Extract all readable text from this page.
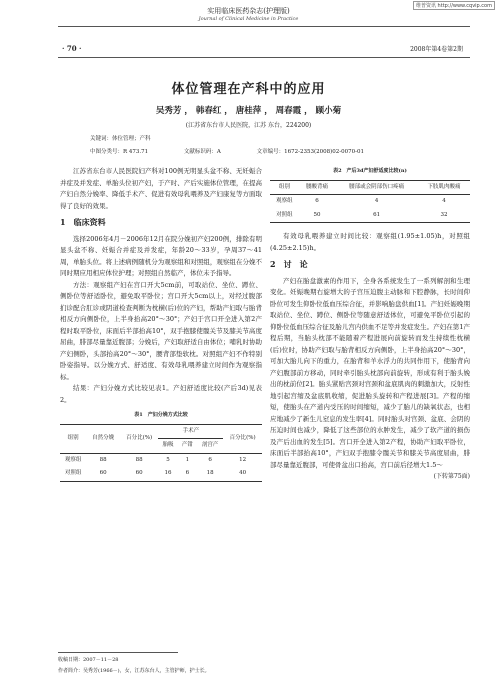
维普资讯 http://www.cqvip.com
实用临床医药杂志(护理版)
Journal of Clinical Medicine in Practice
· 70 ·	2008年第4卷第2期
体位管理在产科中的应用
吴秀芳 ， 韩春红 ， 唐桂萍 ， 周春霞 ， 顾小菊
(江苏省东台市人民医院，江苏 东台，224200)
关键词：体位管理；产科
中图分类号：R 473.71	文献标识码：A	文章编号：1672-2353(2008)02-0070-01

江苏省东台市人民医院妇产科对100例无明显头盆不称、无妊娠合并症及并发症、单胎头位初产妇，于产时、产后实施体位管理，在提高产妇自然分娩率、降低手术产、促进有效母乳喂养及产妇康复等方面取得了良好的效果。

1　临床资料

选择2006年4月－2006年12月在院分娩初产妇200例，排除有明显头盆不称、妊娠合并症及并发症，年龄20～33岁，孕周37～41周，单胎头位。将上述病例随机分为观察组和对照组，观察组在分娩不同时期应用相应体位护理；对照组自然临产，体位未予指导。

方法：观察组产妇在宫口开大5cm前，可取站位、坐位、蹲位、侧卧位等舒适卧位，避免取平卧位；宫口开大5cm以上，对经过腹部扪诊配合肛诊或阴道检查判断为枕横(后)位的产妇，帮助产妇取与胎背相反方向侧卧位，上半身抬高20°～30°；产妇于宫口开全进入第2产程时取平卧位，床面后半部抬高10°，双手抱膝使髋关节及膝关节高度屈曲，腓部尽量靠近腹部；分娩后，产妇取舒适自由体位；哺乳时协助产妇侧卧，头部抬高20°～30°，腰背部垫软枕。对照组产妇不作特别卧姿指导。以分娩方式、舒适度、有效母乳喂养建立时间作为观察指标。

结果：产妇分娩方式比较见表1。产妇舒适度比较(产后3d)见表2。

表1　产妇分娩方式比较
组别	自然分娩	百分比(%)	手术产			百分比(%)
			胎吸	产钳	剖宫产	
观察组	88	88	5	1	6	12
对照组	60	60	16	6	18	40
表2　产后3d产妇舒适度比较(n)
组别	腰酸背痛	腰部或会阴部伤口疼痛	下肢肌肉酸痛
观察组	6	4	4
对照组	50	61	32

有效母乳喂养建立时间比较：观察组(1.95±1.05)h，对照组(4.25±2.15)h。

2　讨　论

产妇在胎盘激素的作用下，全身各系统发生了一系列解剖和生理变化。妊娠晚期右旋增大的子宫压迫腹主动脉和下腔静脉，长时间仰卧位可发生仰卧位低血压综合征，并影响胎盘供血[1]。产妇妊娠晚期取站位、坐位、蹲位、侧卧位等随意舒适体位，可避免平卧位引起的仰卧位低血压综合征及胎儿宫内供血不足等并发症发生。产妇在第1产程后期，当胎头枕部不能随着产程进展向前旋转而发生持续性枕横(后)位时，协助产妇取与胎背相反方向侧卧，上半身抬高20°～30°，可加大胎儿向下的重力，在胎背和羊水浮力的共同作用下，使胎背向产妇腹部前方移动，同时牵引胎头枕部向前旋转，形成有利于胎头娩出的枕前位[2]。胎头紧贴宫颈对宫颈和盆底肌肉的刺激加大，反射性地引起宫缩及盆底肌收缩，促进胎头旋转和产程进展[3]。产程的缩短，使胎头在产道内受压的时间缩短，减少了胎儿的缺氧状态，也相应地减少了新生儿窒息的发生率[4]。同时胎头对宫颈、盆底、会阴的压迫时间也减少，降低了这些部位的水肿发生，减少了软产道的损伤及产后出血的发生[5]。宫口开全进入第2产程，协助产妇取平卧位，床面后半部抬高10°，产妇双手抱膝令髋关节和膝关节高度屈曲，腓部尽量靠近腹部，可使骨盆出口抬高，宫口前后径增大1.5～

(下转第75面)
收稿日期：2007－11－28
作者简介：吴秀芳(1966－)，女，江苏东台人，主管护师，护士长。
